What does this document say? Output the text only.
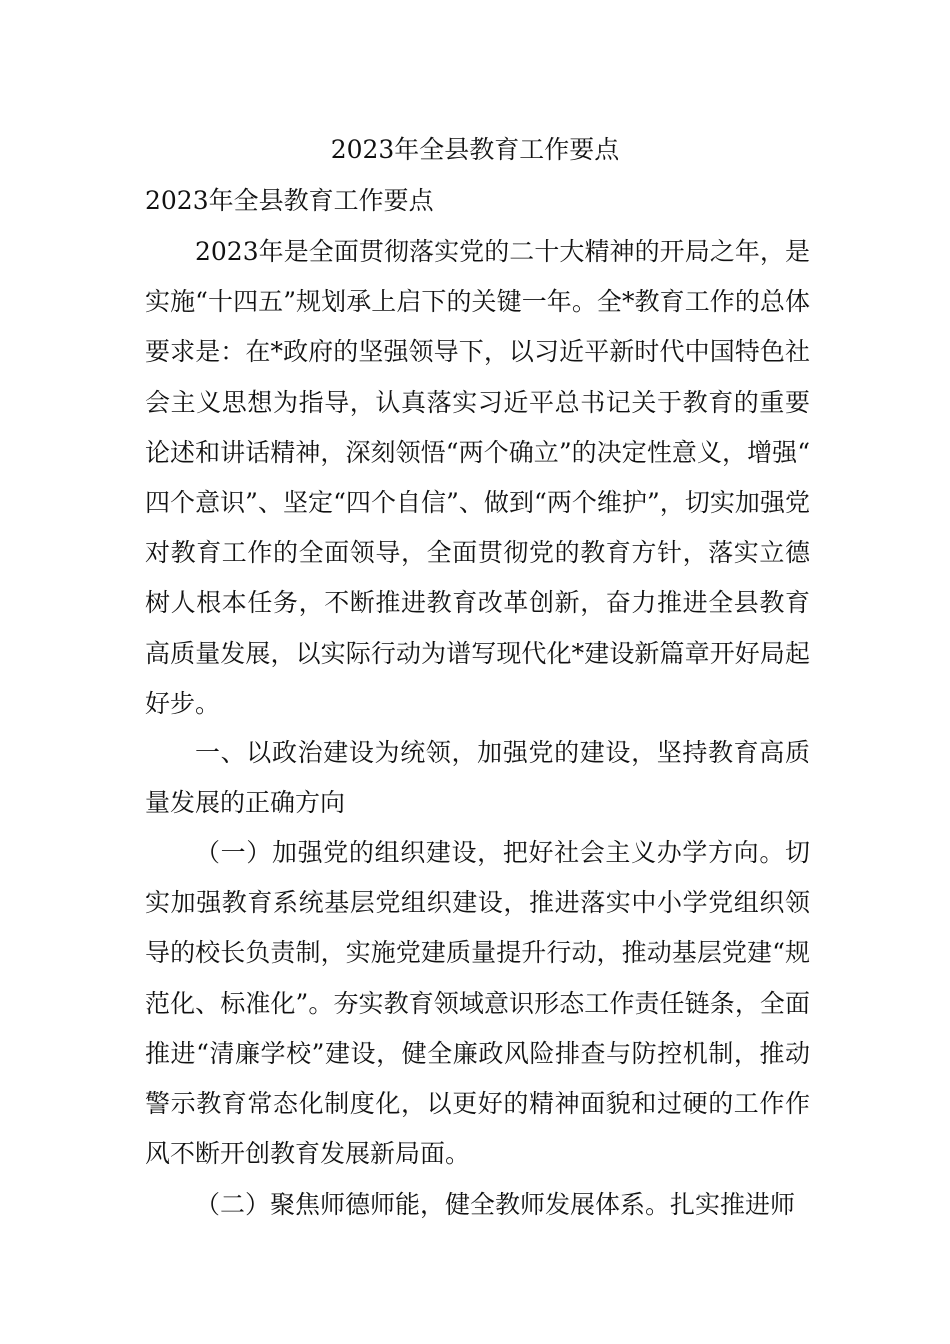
2023年全县教育工作要点
2023年全县教育工作要点

2023年是全面贯彻落实党的二十大精神的开局之年，是实施“十四五”规划承上启下的关键一年。全*教育工作的总体要求是：在*政府的坚强领导下，以习近平新时代中国特色社会主义思想为指导，认真落实习近平总书记关于教育的重要论述和讲话精神，深刻领悟“两个确立”的决定性意义，增强“四个意识”、坚定“四个自信”、做到“两个维护”，切实加强党对教育工作的全面领导，全面贯彻党的教育方针，落实立德树人根本任务，不断推进教育改革创新，奋力推进全县教育高质量发展，以实际行动为谱写现代化*建设新篇章开好局起好步。

一、以政治建设为统领，加强党的建设，坚持教育高质量发展的正确方向

（一）加强党的组织建设，把好社会主义办学方向。切实加强教育系统基层党组织建设，推进落实中小学党组织领导的校长负责制，实施党建质量提升行动，推动基层党建“规范化、标准化”。夯实教育领域意识形态工作责任链条，全面推进“清廉学校”建设，健全廉政风险排查与防控机制，推动警示教育常态化制度化，以更好的精神面貌和过硬的工作作风不断开创教育发展新局面。

（二）聚焦师德师能，健全教师发展体系。扎实推进师
